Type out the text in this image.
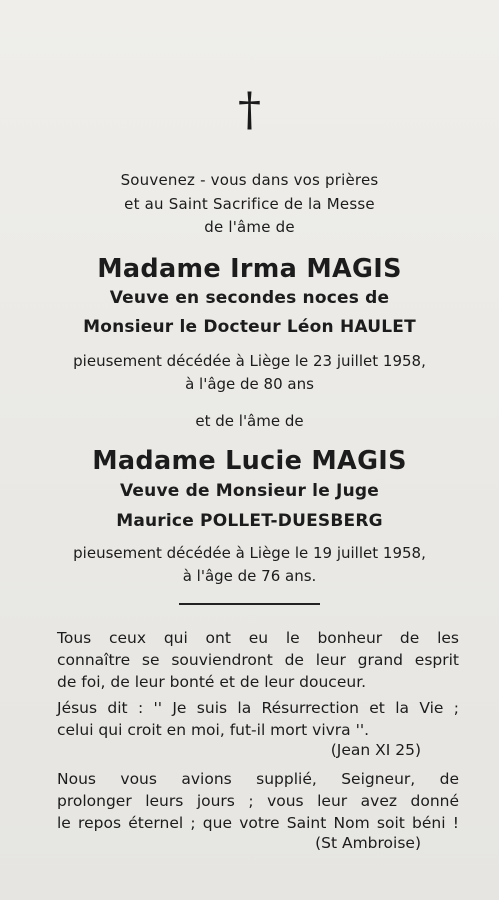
†
Souvenez - vous dans vos prières
et au Saint Sacrifice de la Messe
de l'âme de
Madame Irma MAGIS
Veuve en secondes noces de
Monsieur le Docteur Léon HAULET
pieusement décédée à Liège le 23 juillet 1958,
à l'âge de 80 ans
et de l'âme de
Madame Lucie MAGIS
Veuve de Monsieur le Juge
Maurice POLLET-DUESBERG
pieusement décédée à Liège le 19 juillet 1958,
à l'âge de 76 ans.
Tous ceux qui ont eu le bonheur de les
connaître se souviendront de leur grand esprit
de foi, de leur bonté et de leur douceur.
Jésus dit : '' Je suis la Résurrection et la Vie ;
celui qui croit en moi, fut-il mort vivra ''.
(Jean XI 25)
Nous vous avions supplié, Seigneur, de
prolonger leurs jours ; vous leur avez donné
le repos éternel ; que votre Saint Nom soit béni !
(St Ambroise)
